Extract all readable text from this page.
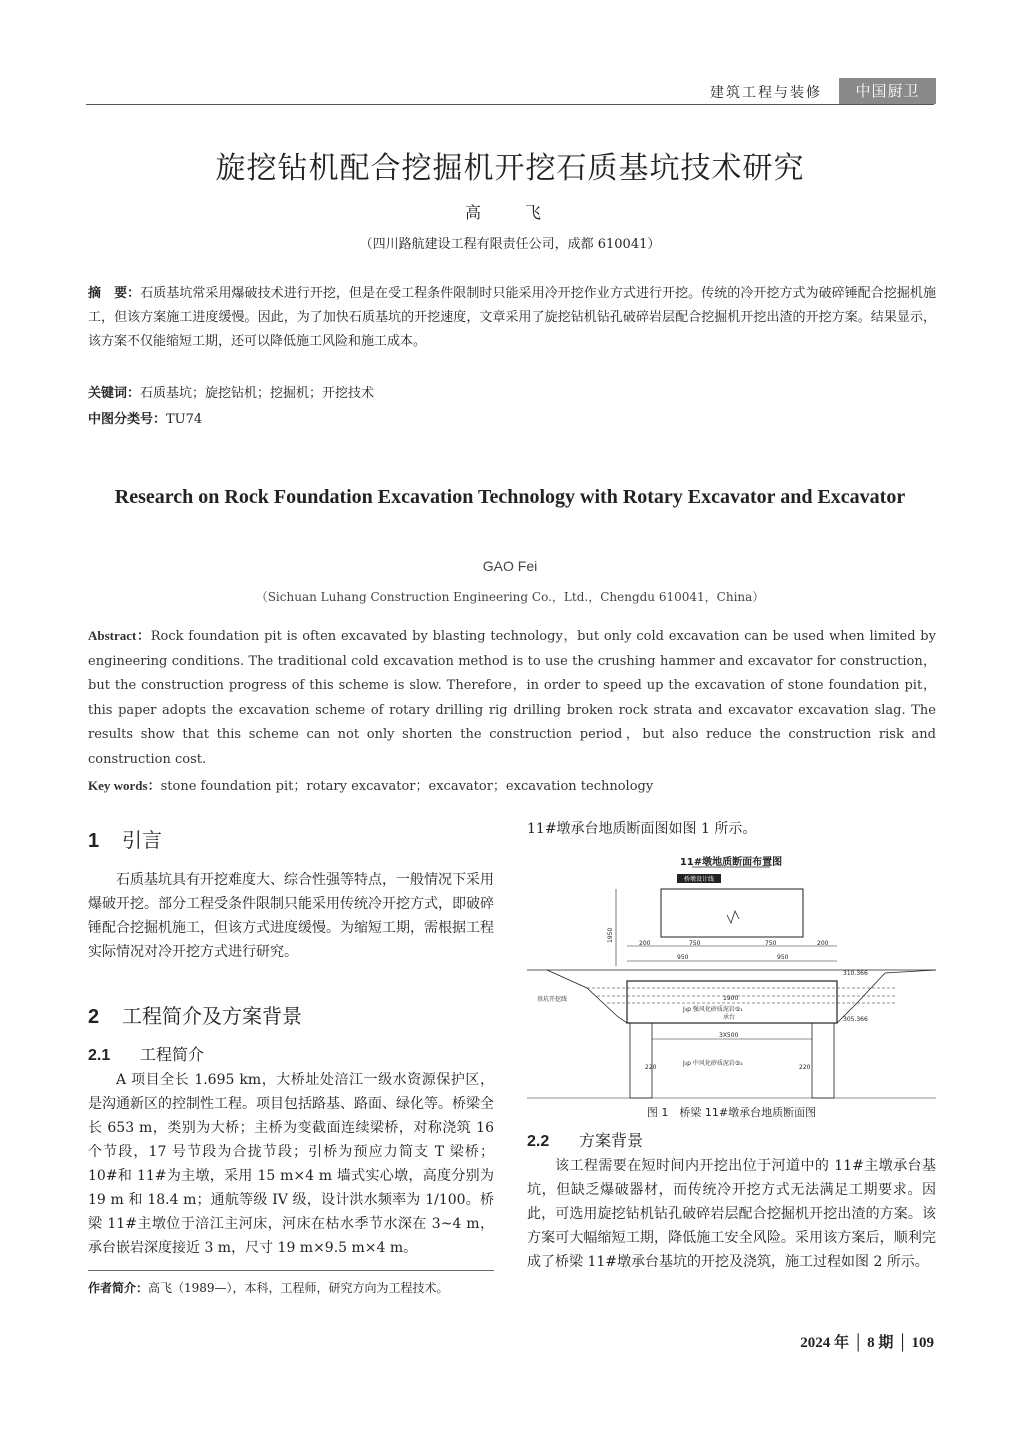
建筑工程与装修	中国厨卫
旋挖钻机配合挖掘机开挖石质基坑技术研究
高　飞
（四川路航建设工程有限责任公司，成都 610041）
摘　要：石质基坑常采用爆破技术进行开挖，但是在受工程条件限制时只能采用冷开挖作业方式进行开挖。传统的冷开挖方式为破碎锤配合挖掘机施工，但该方案施工进度缓慢。因此，为了加快石质基坑的开挖速度，文章采用了旋挖钻机钻孔破碎岩层配合挖掘机开挖出渣的开挖方案。结果显示，该方案不仅能缩短工期，还可以降低施工风险和施工成本。
关键词：石质基坑；旋挖钻机；挖掘机；开挖技术
中图分类号：TU74
Research on Rock Foundation Excavation Technology with Rotary Excavator and Excavator
GAO Fei
（Sichuan Luhang Construction Engineering Co.，Ltd.，Chengdu 610041，China）
Abstract：Rock foundation pit is often excavated by blasting technology，but only cold excavation can be used when limited by engineering conditions. The traditional cold excavation method is to use the crushing hammer and excavator for construction，but the construction progress of this scheme is slow. Therefore，in order to speed up the excavation of stone foundation pit，this paper adopts the excavation scheme of rotary drilling rig drilling broken rock strata and excavator excavation slag. The results show that this scheme can not only shorten the construction period，but also reduce the construction risk and construction cost.
Key words：stone foundation pit；rotary excavator；excavator；excavation technology
1 引言
石质基坑具有开挖难度大、综合性强等特点，一般情况下采用爆破开挖。部分工程受条件限制只能采用传统冷开挖方式，即破碎锤配合挖掘机施工，但该方式进度缓慢。为缩短工期，需根据工程实际情况对冷开挖方式进行研究。
2 工程简介及方案背景
2.1 工程简介
A 项目全长 1.695 km，大桥址处涪江一级水资源保护区，是沟通新区的控制性工程。项目包括路基、路面、绿化等。桥梁全长 653 m，类别为大桥；主桥为变截面连续梁桥，对称浇筑 16 个节段，17 号节段为合拢节段；引桥为预应力简支 T 梁桥；10#和 11#为主墩，采用 15 m×4 m 墙式实心墩，高度分别为 19 m 和 18.4 m；通航等级 IV 级，设计洪水频率为 1/100。桥梁 11#主墩位于涪江主河床，河床在枯水季节水深在 3~4 m，承台嵌岩深度接近 3 m，尺寸 19 m×9.5 m×4 m。
作者简介：高飞（1989—），本科，工程师，研究方向为工程技术。
11#墩承台地质断面图如图 1 所示。
11#墩地质断面布置图
桥墩设计线
1950
200	750	750	200
950	950
310.366
基坑开挖线	1900
J₃p 强风化砂质泥岩⑤₁
承台	305.366
3X500
J₃p 中风化砂质泥岩⑤₂
220	220
图 1　桥梁 11#墩承台地质断面图
2.2 方案背景
该工程需要在短时间内开挖出位于河道中的 11#主墩承台基坑，但缺乏爆破器材，而传统冷开挖方式无法满足工期要求。因此，可选用旋挖钻机钻孔破碎岩层配合挖掘机开挖出渣的方案。该方案可大幅缩短工期，降低施工安全风险。采用该方案后，顺利完成了桥梁 11#墩承台基坑的开挖及浇筑，施工过程如图 2 所示。
2024 年 │ 8 期 │ 109
